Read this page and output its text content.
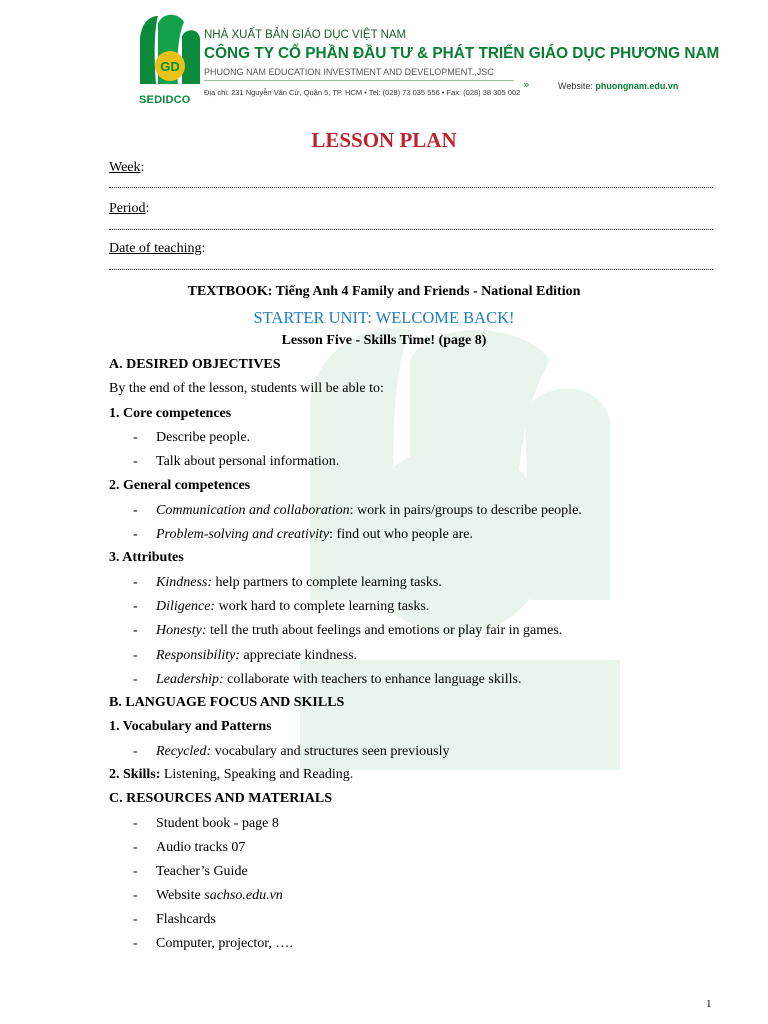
GD
SEDIDCO
NHÀ XUẤT BẢN GIÁO DỤC VIỆT NAM
CÔNG TY CỔ PHẦN ĐẦU TƯ & PHÁT TRIỂN GIÁO DỤC PHƯƠNG NAM
PHUONG NAM EDUCATION INVESTMENT AND DEVELOPMENT.,JSC
»	Website: phuongnam.edu.vn
Địa chỉ: 231 Nguyễn Văn Cừ, Quận 5, TP. HCM • Tel: (028) 73 035 556 • Fax: (028) 38 305 002
LESSON PLAN
Week:
Period:
Date of teaching:
TEXTBOOK: Tiếng Anh 4 Family and Friends - National Edition
STARTER UNIT: WELCOME BACK!
Lesson Five - Skills Time! (page 8)
A. DESIRED OBJECTIVES
By the end of the lesson, students will be able to:
1. Core competences
- Describe people.
- Talk about personal information.
2. General competences
- Communication and collaboration: work in pairs/groups to describe people.
- Problem-solving and creativity: find out who people are.
3. Attributes
- Kindness: help partners to complete learning tasks.
- Diligence: work hard to complete learning tasks.
- Honesty: tell the truth about feelings and emotions or play fair in games.
- Responsibility: appreciate kindness.
- Leadership: collaborate with teachers to enhance language skills.
B. LANGUAGE FOCUS AND SKILLS
1. Vocabulary and Patterns
- Recycled: vocabulary and structures seen previously
2. Skills: Listening, Speaking and Reading.
C. RESOURCES AND MATERIALS
- Student book - page 8
- Audio tracks 07
- Teacher’s Guide
- Website sachso.edu.vn
- Flashcards
- Computer, projector, ….
1
